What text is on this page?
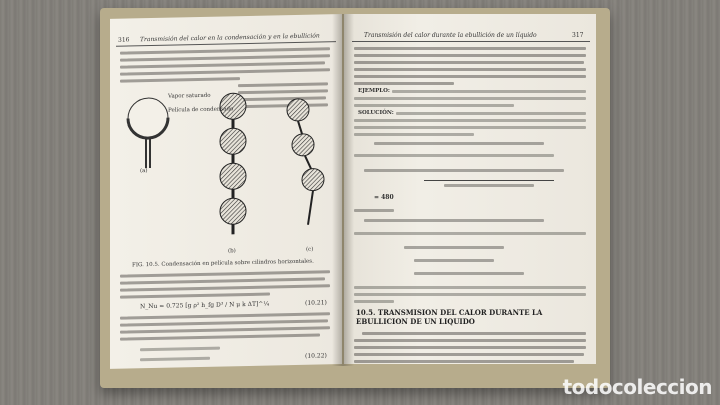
316 Transmisión del calor en la condensación y en la ebullición
Vapor saturado
Película de condensado
(a)
(b)	(c)
FIG. 10.5. Condensación en película sobre cilindros horizontales.
N_Nu = 0.725 [g ρ² h_fg D³ / N μ k ΔT]^¼	(10.21)
(10.22)
Transmisión del calor durante la ebullición de un líquido	317
EJEMPLO:
SOLUCIÓN:
= 480
10.5. TRANSMISION DEL CALOR DURANTE LA EBULLICION DE UN LIQUIDO
todocoleccion
